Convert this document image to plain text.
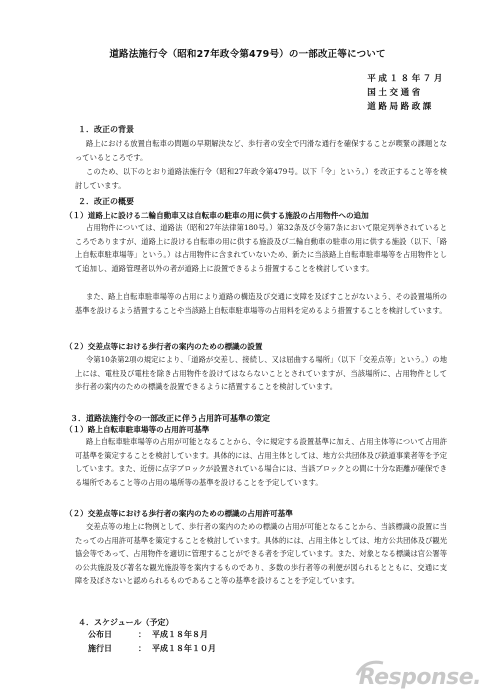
道路法施行令（昭和27年政令第479号）の一部改正等について
平成１８年７月
国土交通省
道路局路政課
１．改正の背景
路上における放置自転車の問題の早期解決など、歩行者の安全で円滑な通行を確保することが喫緊の課題となっているところです。
このため、以下のとおり道路法施行令（昭和27年政令第479号。以下「令」という。）を改正すること等を検討しています。
２．改正の概要
（１）道路上に設ける二輪自動車又は自転車の駐車の用に供する施設の占用物件への追加
占用物件については、道路法（昭和27年法律第180号。）第32条及び令第7条において限定列挙されているところでありますが、道路上に設ける自転車の用に供する施設及び二輪自動車の駐車の用に供する施設（以下、「路上自転車駐車場等」という。）は占用物件に含まれていないため、新たに当該路上自転車駐車場等を占用物件として追加し、道路管理者以外の者が道路上に設置できるよう措置することを検討しています。
また、路上自転車駐車場等の占用により道路の構造及び交通に支障を及ぼすことがないよう、その設置場所の基準を設けるよう措置することや当該路上自転車駐車場等の占用料を定めるよう措置することを検討しています。
（２）交差点等における歩行者の案内のための標識の設置
令第10条第2項の規定により、「道路が交差し、接続し、又は屈曲する場所」（以下「交差点等」という。）の地上には、電柱及び電柱を除き占用物件を設けてはならないこととされていますが、当該場所に、占用物件として歩行者の案内のための標識を設置できるように措置することを検討しています。
３．道路法施行令の一部改正に伴う占用許可基準の策定
（１）路上自転車駐車場等の占用許可基準
路上自転車駐車場等の占用が可能となることから、令に規定する設置基準に加え、占用主体等について占用許可基準を策定することを検討しています。具体的には、占用主体としては、地方公共団体及び鉄道事業者等を予定しています。また、近傍に点字ブロックが設置されている場合には、当該ブロックとの間に十分な距離が確保できる場所であること等の占用の場所等の基準を設けることを予定しています。
（２）交差点等における歩行者の案内のための標識の占用許可基準
交差点等の地上に物例として、歩行者の案内のための標識の占用が可能となることから、当該標識の設置に当たっての占用許可基準を策定することを検討しています。具体的には、占用主体としては、地方公共団体及び観光協会等であって、占用物件を適切に管理することができる者を予定しています。また、対象となる標識は官公署等の公共施設及び著名な観光施設等を案内するものであり、多数の歩行者等の利便が図られるとともに、交通に支障を及ぼさないと認められるものであること等の基準を設けることを予定しています。
４．スケジュール（予定）
公布日	： 平成１８年８月
施行日	： 平成１８年１０月
Response.
